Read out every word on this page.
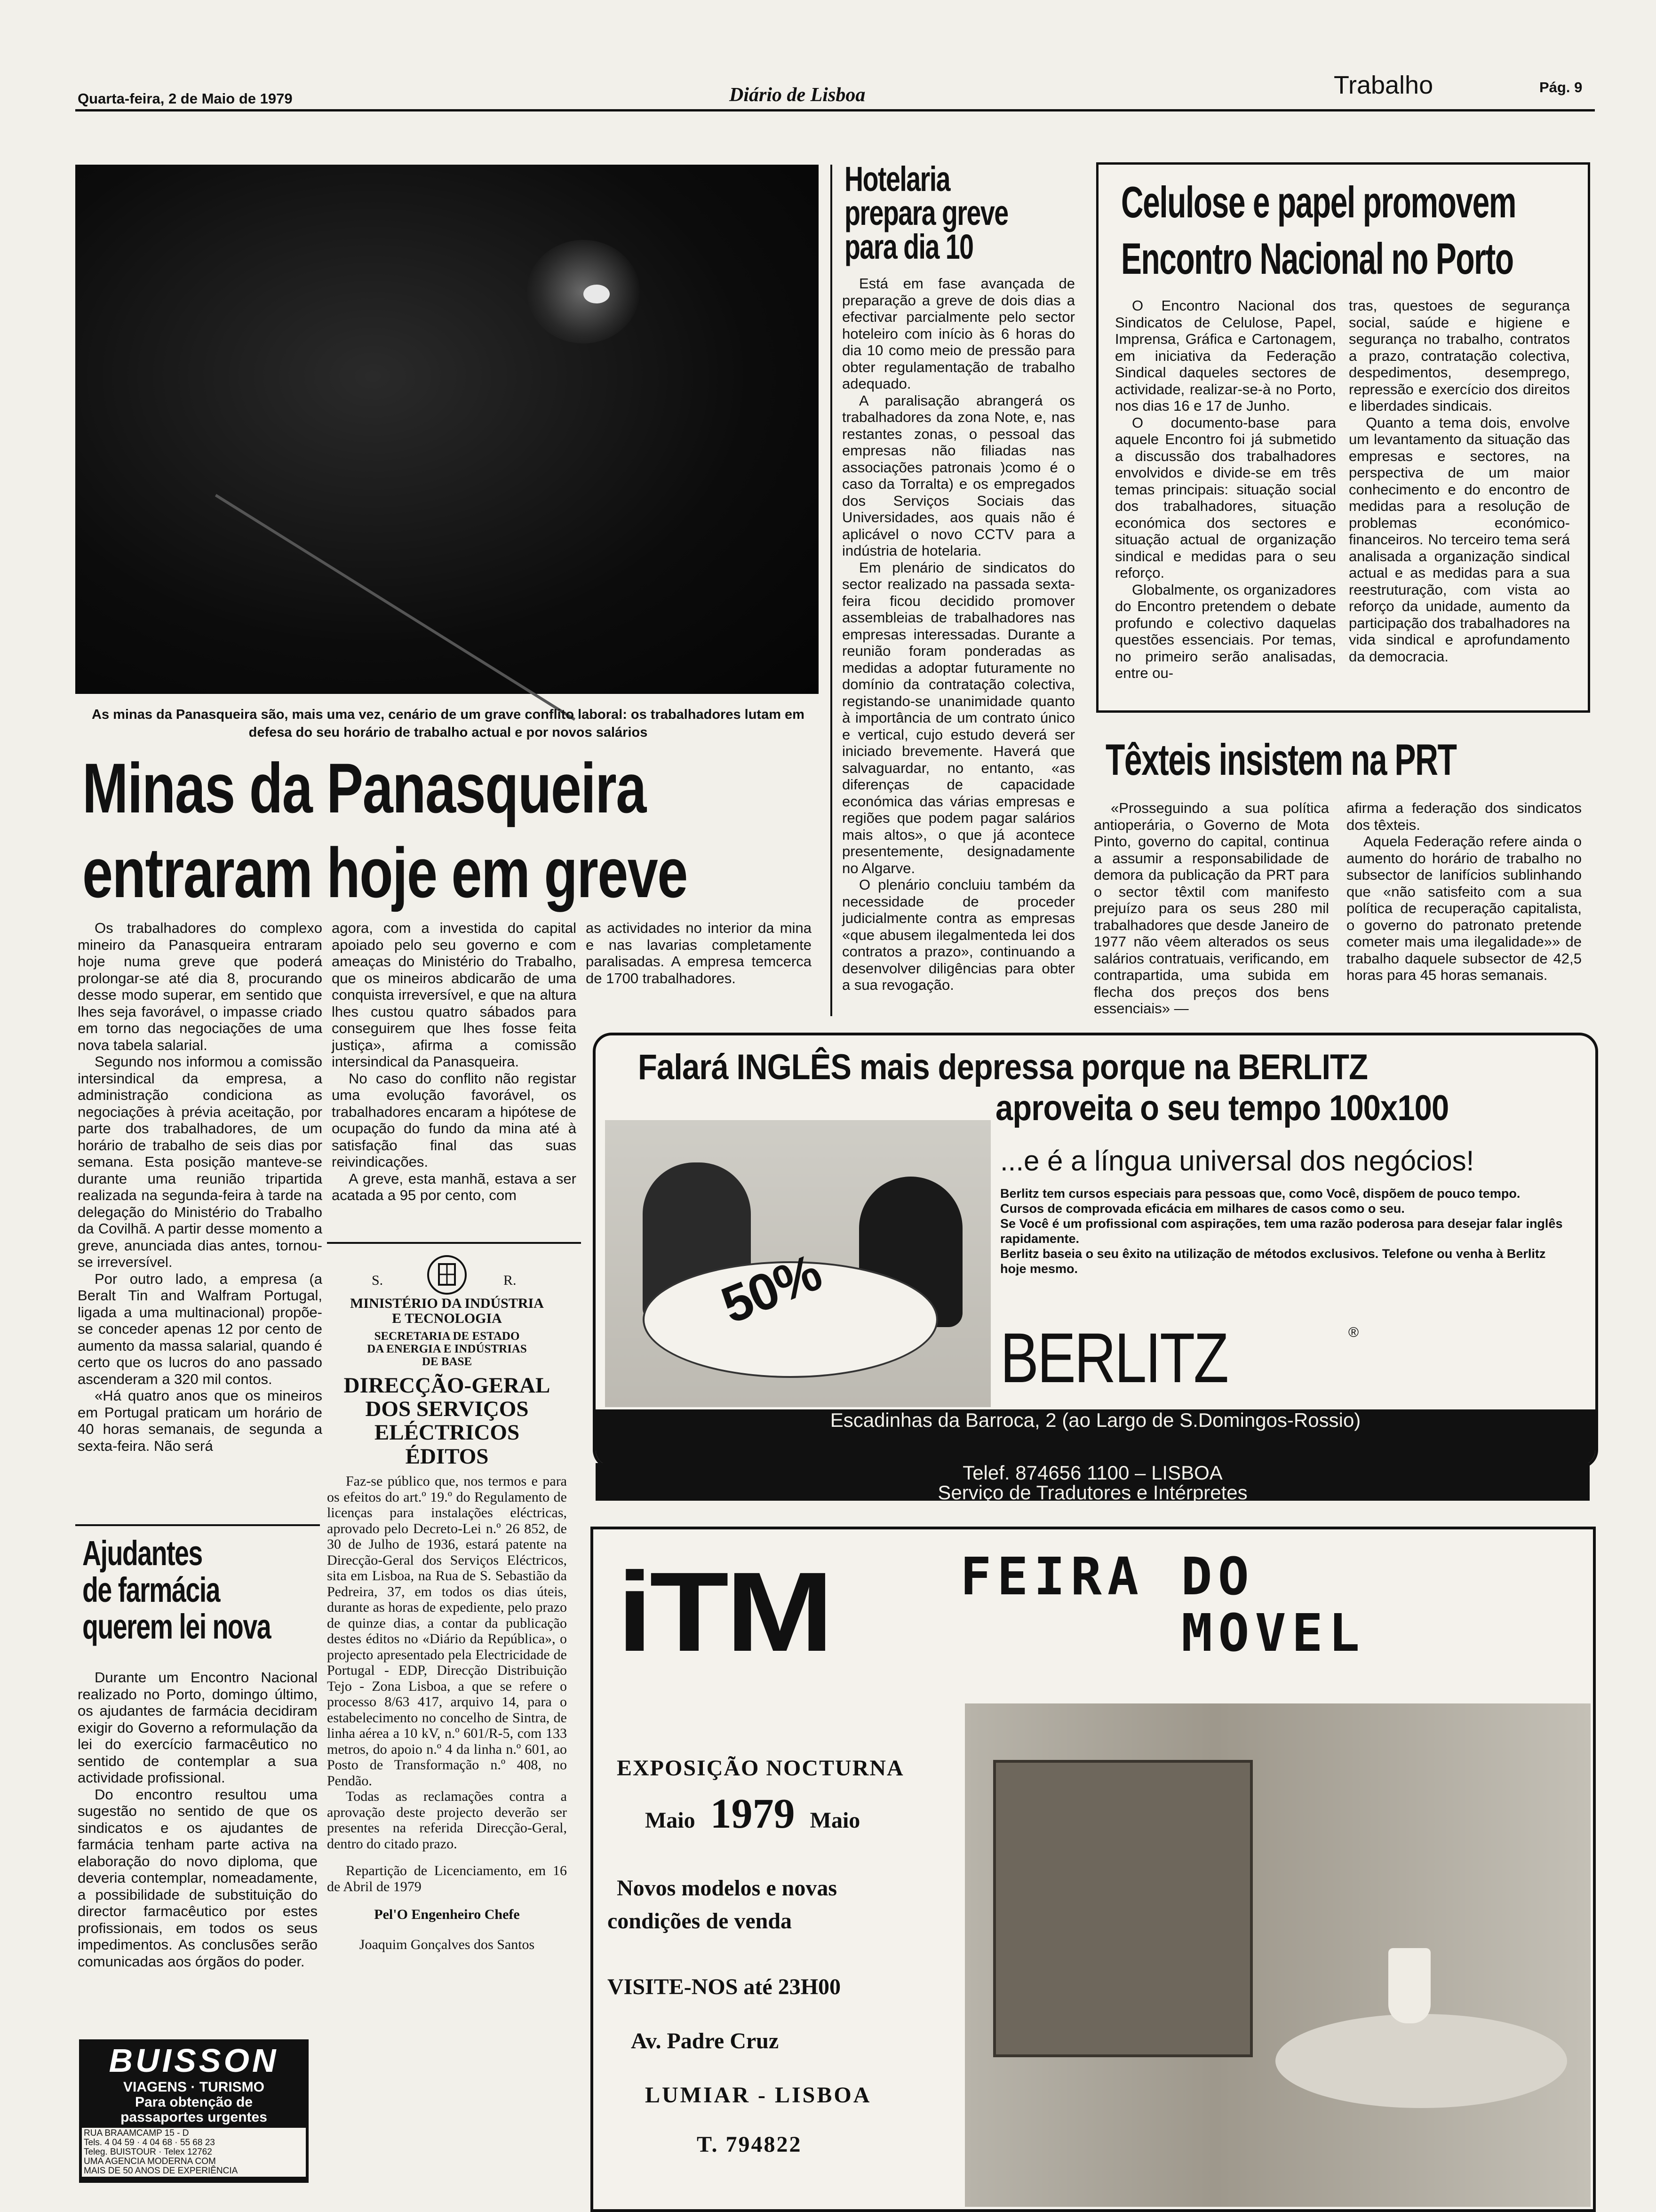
Quarta-feira, 2 de Maio de 1979	Diário de Lisboa	Trabalho	Pág. 9
As minas da Panasqueira são, mais uma vez, cenário de um grave conflito laboral: os trabalhadores lutam em defesa do seu horário de trabalho actual e por novos salários
Minas da Panasqueira
entraram hoje em greve

Os trabalhadores do complexo mineiro da Panasqueira entraram hoje numa greve que poderá prolongar-se até dia 8, procurando desse modo superar, em sentido que lhes seja favorável, o impasse criado em torno das negociações de uma nova tabela salarial.

Segundo nos informou a comissão intersindical da empresa, a administração condiciona as negociações à prévia aceitação, por parte dos trabalhadores, de um horário de trabalho de seis dias por semana. Esta posição manteve-se durante uma reunião tripartida realizada na segunda-feira à tarde na delegação do Ministério do Trabalho da Covilhã. A partir desse momento a greve, anunciada dias antes, tornou-se irreversível.

Por outro lado, a empresa (a Beralt Tin and Walfram Portugal, ligada a uma multinacional) propõe-se conceder apenas 12 por cento de aumento da massa salarial, quando é certo que os lucros do ano passado ascenderam a 320 mil contos.

«Há quatro anos que os mineiros em Portugal praticam um horário de 40 horas semanais, de segunda a sexta-feira. Não será

agora, com a investida do capital apoiado pelo seu governo e com ameaças do Ministério do Trabalho, que os mineiros abdicarão de uma conquista irreversível, e que na altura lhes custou quatro sábados para conseguirem que lhes fosse feita justiça», afirma a comissão intersindical da Panasqueira.

No caso do conflito não registar uma evolução favorável, os trabalhadores encaram a hipótese de ocupação do fundo da mina até à satisfação final das suas reivindicações.

A greve, esta manhã, estava a ser acatada a 95 por cento, com

as actividades no interior da mina e nas lavarias completamente paralisadas. A empresa temcerca de 1700 trabalhadores.

Hotelaria
prepara greve
para dia 10

Está em fase avançada de preparação a greve de dois dias a efectivar parcialmente pelo sector hoteleiro com início às 6 horas do dia 10 como meio de pressão para obter regulamentação de trabalho adequado.

A paralisação abrangerá os trabalhadores da zona Note, e, nas restantes zonas, o pessoal das empresas não filiadas nas associações patronais )como é o caso da Torralta) e os empregados dos Serviços Sociais das Universidades, aos quais não é aplicável o novo CCTV para a indústria de hotelaria.

Em plenário de sindicatos do sector realizado na passada sexta-feira ficou decidido promover assembleias de trabalhadores nas empresas interessadas. Durante a reunião foram ponderadas as medidas a adoptar futuramente no domínio da contratação colectiva, registando-se unanimidade quanto à importância de um contrato único e vertical, cujo estudo deverá ser iniciado brevemente. Haverá que salvaguardar, no entanto, «as diferenças de capacidade económica das várias empresas e regiões que podem pagar salários mais altos», o que já acontece presentemente, designadamente no Algarve.

O plenário concluiu também da necessidade de proceder judicialmente contra as empresas «que abusem ilegalmenteda lei dos contratos a prazo», continuando a desenvolver diligências para obter a sua revogação.

Celulose e papel promovem
Encontro Nacional no Porto

O Encontro Nacional dos Sindicatos de Celulose, Papel, Imprensa, Gráfica e Cartonagem, em iniciativa da Federação Sindical daqueles sectores de actividade, realizar-se-à no Porto, nos dias 16 e 17 de Junho.

O documento-base para aquele Encontro foi já submetido a discussão dos trabalhadores envolvidos e divide-se em três temas principais: situação social dos trabalhadores, situação económica dos sectores e situação actual de organização sindical e medidas para o seu reforço.

Globalmente, os organizadores do Encontro pretendem o debate profundo e colectivo daquelas questões essenciais. Por temas, no primeiro serão analisadas, entre ou-

tras, questoes de segurança social, saúde e higiene e segurança no trabalho, contratos a prazo, contratação colectiva, despedimentos, desemprego, repressão e exercício dos direitos e liberdades sindicais.

Quanto a tema dois, envolve um levantamento da situação das empresas e sectores, na perspectiva de um maior conhecimento e do encontro de medidas para a resolução de problemas económico-financeiros. No terceiro tema será analisada a organização sindical actual e as medidas para a sua reestruturação, com vista ao reforço da unidade, aumento da participação dos trabalhadores na vida sindical e aprofundamento da democracia.

Têxteis insistem na PRT

«Prosseguindo a sua política antioperária, o Governo de Mota Pinto, governo do capital, continua a assumir a responsabilidade de demora da publicação da PRT para o sector têxtil com manifesto prejuízo para os seus 280 mil trabalhadores que desde Janeiro de 1977 não vêem alterados os seus salários contratuais, verificando, em contrapartida, uma subida em flecha dos preços dos bens essenciais» —

afirma a federação dos sindicatos dos têxteis.

Aquela Federação refere ainda o aumento do horário de trabalho no subsector de lanifícios sublinhando que «não satisfeito com a sua política de recuperação capitalista, o governo do patronato pretende cometer mais uma ilegalidade»» de trabalho daquele subsector de 42,5 horas para 45 horas semanais.

Ajudantes
de farmácia
querem lei nova

Durante um Encontro Nacional realizado no Porto, domingo último, os ajudantes de farmácia decidiram exigir do Governo a reformulação da lei do exercício farmacêutico no sentido de contemplar a sua actividade profissional.

Do encontro resultou uma sugestão no sentido de que os sindicatos e os ajudantes de farmácia tenham parte activa na elaboração do novo diploma, que deveria contemplar, nomeadamente, a possibilidade de substituição do director farmacêutico por estes profissionais, em todos os seus impedimentos. As conclusões serão comunicadas aos órgãos do poder.

BUISSON
VIAGENS · TURISMO
Para obtenção de
passaportes urgentes
RUA BRAAMCAMP 15 - D
Tels. 4 04 59 · 4 04 68 · 55 68 23
Teleg. BUISTOUR · Telex 12762
UMA AGENCIA MODERNA COM
MAIS DE 50 ANOS DE EXPERIÊNCIA
S.	R.
MINISTÉRIO DA INDÚSTRIA
E TECNOLOGIA
SECRETARIA DE ESTADO
DA ENERGIA E INDÚSTRIAS
DE BASE
DIRECÇÃO-GERAL
DOS SERVIÇOS
ELÉCTRICOS
ÉDITOS

Faz-se público que, nos termos e para os efeitos do art.º 19.º do Regulamento de licenças para instalações eléctricas, aprovado pelo Decreto-Lei n.º 26 852, de 30 de Julho de 1936, estará patente na Direcção-Geral dos Serviços Eléctricos, sita em Lisboa, na Rua de S. Sebastião da Pedreira, 37, em todos os dias úteis, durante as horas de expediente, pelo prazo de quinze dias, a contar da publicação destes éditos no «Diário da República», o projecto apresentado pela Electricidade de Portugal - EDP, Direcção Distribuição Tejo - Zona Lisboa, a que se refere o processo 8/63 417, arquivo 14, para o estabelecimento no concelho de Sintra, de linha aérea a 10 kV, n.º 601/R-5, com 133 metros, do apoio n.º 4 da linha n.º 601, ao Posto de Transformação n.º 408, no Pendão.

Todas as reclamações contra a aprovação deste projecto deverão ser presentes na referida Direcção-Geral, dentro do citado prazo.

Repartição de Licenciamento, em 16 de Abril de 1979

Pel'O Engenheiro Chefe
Joaquim Gonçalves dos Santos
Falará INGLÊS mais depressa porque na BERLITZ
aproveita o seu tempo 100x100
...e é a língua universal dos negócios!
50%
Berlitz tem cursos especiais para pessoas que, como Você, dispõem de pouco tempo. Cursos de comprovada eficácia em milhares de casos como o seu.
Se Você é um profissional com aspirações, tem uma razão poderosa para desejar falar inglês rapidamente.
Berlitz baseia o seu êxito na utilização de métodos exclusivos. Telefone ou venha à Berlitz hoje mesmo.
BERLITZ	®
Escadinhas da Barroca, 2 (ao Largo de S.Domingos-Rossio)
Telef. 874656 1100 – LISBOA
Serviço de Tradutores e Intérpretes
iTM	FEIRA DO
MOVEL
EXPOSIÇÃO NOCTURNA
Maio 1979 Maio
Novos modelos e novas
condições de venda
VISITE-NOS até 23H00
Av. Padre Cruz
LUMIAR - LISBOA
T. 794822
